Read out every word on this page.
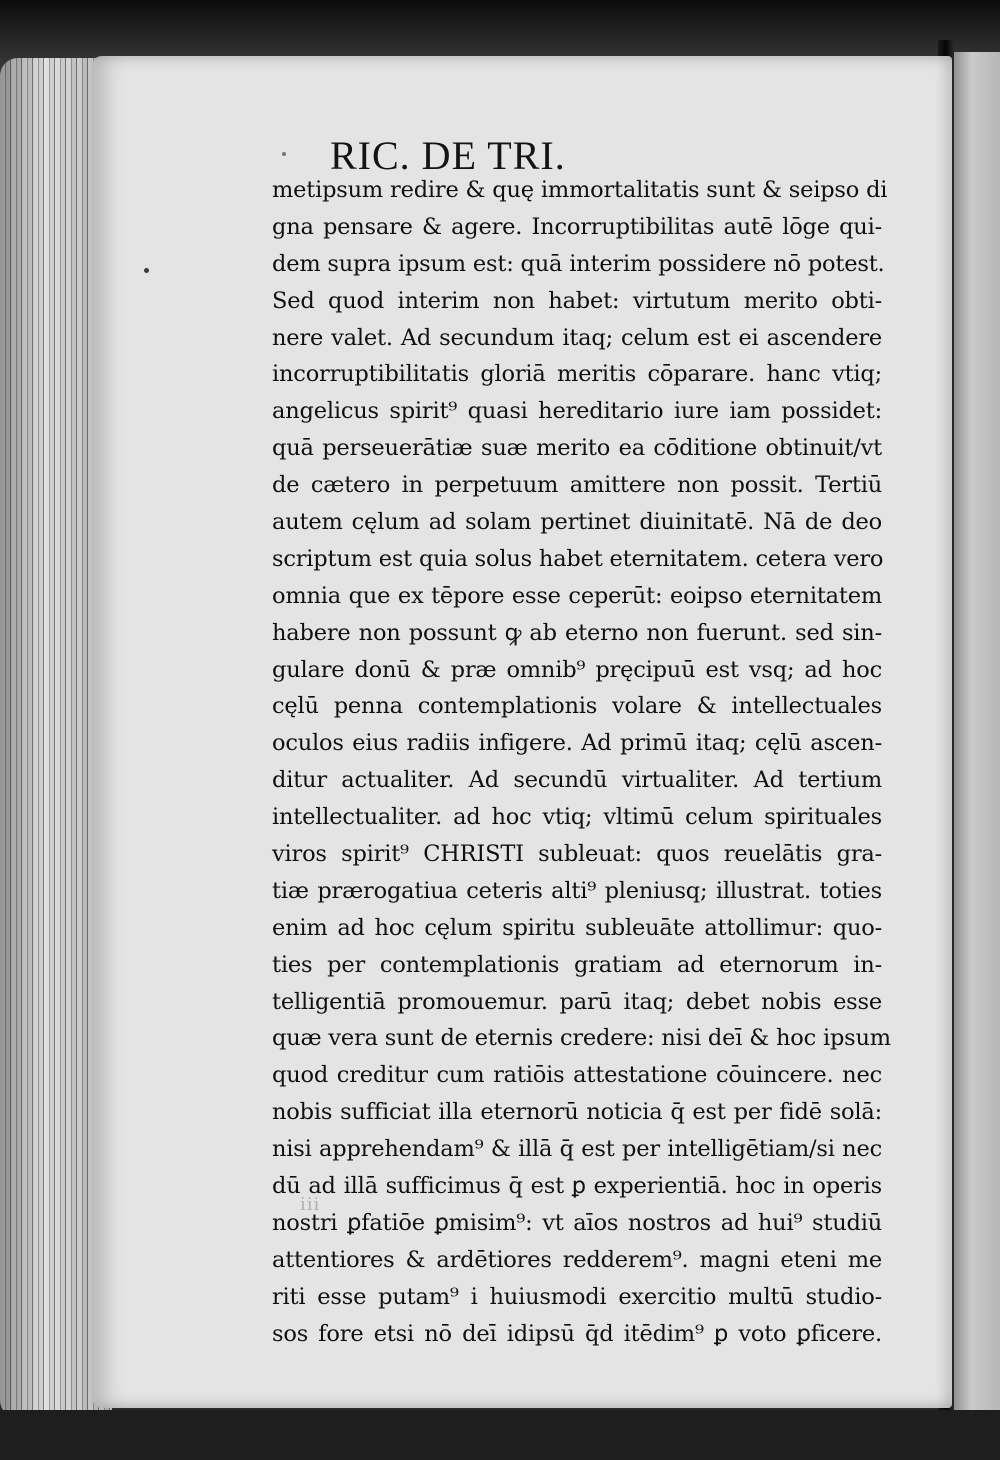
RIC. DE TRI.
metipsum redire & quę immortalitatis sunt & seipso di
gna pensare & agere. Incorruptibilitas autē lōge qui‑
dem supra ipsum est: quā interim possidere nō potest.
Sed quod interim non habet: virtutum merito obti‑
nere valet. Ad secundum itaq; celum est ei ascendere
incorruptibilitatis gloriā meritis cōparare. hanc vtiq;
angelicus spirit⁹ quasi hereditario iure iam possidet:
quā perseuerātiæ suæ merito ea cōditione obtinuit/vt
de cætero in perpetuum amittere non possit. Tertiū
autem cęlum ad solam pertinet diuinitatē. Nā de deo
scriptum est quia solus habet eternitatem. cetera vero
omnia que ex tēpore esse ceperūt: eoipso eternitatem
habere non possunt ꝙ ab eterno non fuerunt. sed sin‑
gulare donū & præ omnib⁹ pręcipuū est vsq; ad hoc
cęlū penna contemplationis volare & intellectuales
oculos eius radiis infigere. Ad primū itaq; cęlū ascen‑
ditur actualiter. Ad secundū virtualiter. Ad tertium
intellectualiter. ad hoc vtiq; vltimū celum spirituales
viros spirit⁹ CHRISTI subleuat: quos reuelātis gra‑
tiæ prærogatiua ceteris alti⁹ pleniusq; illustrat. toties
enim ad hoc cęlum spiritu subleuāte attollimur: quo‑
ties per contemplationis gratiam ad eternorum in‑
telligentiā promouemur. parū itaq; debet nobis esse
quæ vera sunt de eternis credere: nisi deī & hoc ipsum
quod creditur cum ratiōis attestatione cōuincere. nec
nobis sufficiat illa eternorū noticia q̄ est per fidē solā:
nisi apprehendam⁹ & illā q̄ est per intelligētiam/si nec
dū ad illā sufficimus q̄ est ꝑ experientiā. hoc in operis
nostri ꝑfatiōe ꝑmisim⁹: vt aīos nostros ad hui⁹ studiū
attentiores & ardētiores redderem⁹. magni eteni me
riti esse putam⁹ i huiusmodi exercitio multū studio‑
sos fore etsi nō deī idipsū q̄d itēdim⁹ ꝑ voto ꝑficere.
iii
